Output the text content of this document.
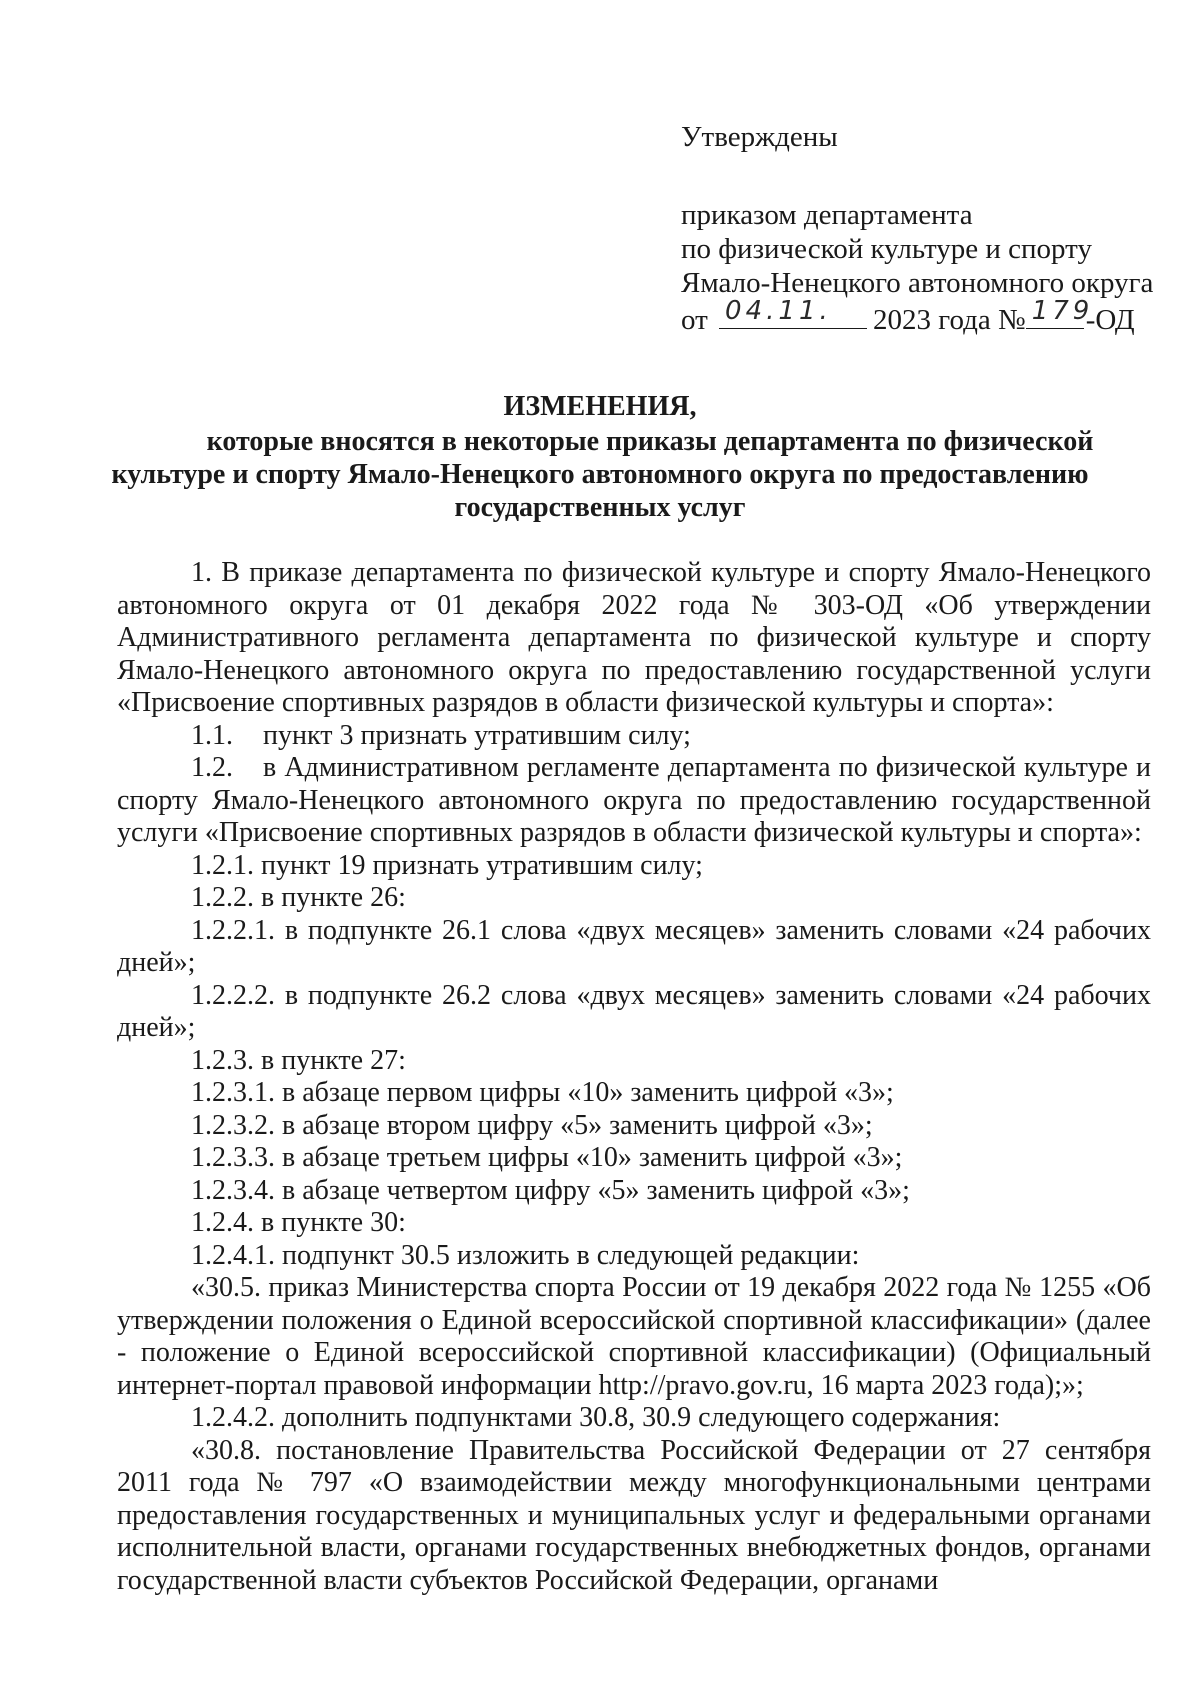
Утверждены
приказом департамента
по физической культуре и спорту
Ямало-Ненецкого автономного округа
от 04.11. 2023 года № 179
-ОД
ИЗМЕНЕНИЯ,
которые вносятся в некоторые приказы департамента по физической
культуре и спорту Ямало-Ненецкого автономного округа по предоставлению
государственных услуг

1. В приказе департамента по физической культуре и спорту Ямало-Ненецкого автономного округа от 01 декабря 2022 года № 303-ОД «Об утверждении Административного регламента департамента по физической культуре и спорту Ямало-Ненецкого автономного округа по предоставлению государственной услуги «Присвоение спортивных разрядов в области физической культуры и спорта»:

1.1. пункт 3 признать утратившим силу;

1.2. в Административном регламенте департамента по физической культуре и спорту Ямало-Ненецкого автономного округа по предоставлению государственной услуги «Присвоение спортивных разрядов в области физической культуры и спорта»:

1.2.1. пункт 19 признать утратившим силу;

1.2.2. в пункте 26:

1.2.2.1. в подпункте 26.1 слова «двух месяцев» заменить словами «24 рабочих дней»;

1.2.2.2. в подпункте 26.2 слова «двух месяцев» заменить словами «24 рабочих дней»;

1.2.3. в пункте 27:

1.2.3.1. в абзаце первом цифры «10» заменить цифрой «3»;

1.2.3.2. в абзаце втором цифру «5» заменить цифрой «3»;

1.2.3.3. в абзаце третьем цифры «10» заменить цифрой «3»;

1.2.3.4. в абзаце четвертом цифру «5» заменить цифрой «3»;

1.2.4. в пункте 30:

1.2.4.1. подпункт 30.5 изложить в следующей редакции:

«30.5. приказ Министерства спорта России от 19 декабря 2022 года № 1255 «Об утверждении положения о Единой всероссийской спортивной классификации» (далее - положение о Единой всероссийской спортивной классификации) (Официальный интернет-портал правовой информации http://pravo.gov.ru, 16 марта 2023 года);»;

1.2.4.2. дополнить подпунктами 30.8, 30.9 следующего содержания:

«30.8. постановление Правительства Российской Федерации от 27 сентября 2011 года № 797 «О взаимодействии между многофункциональными центрами предоставления государственных и муниципальных услуг и федеральными органами исполнительной власти, органами государственных внебюджетных фондов, органами государственной власти субъектов Российской Федерации, органами
